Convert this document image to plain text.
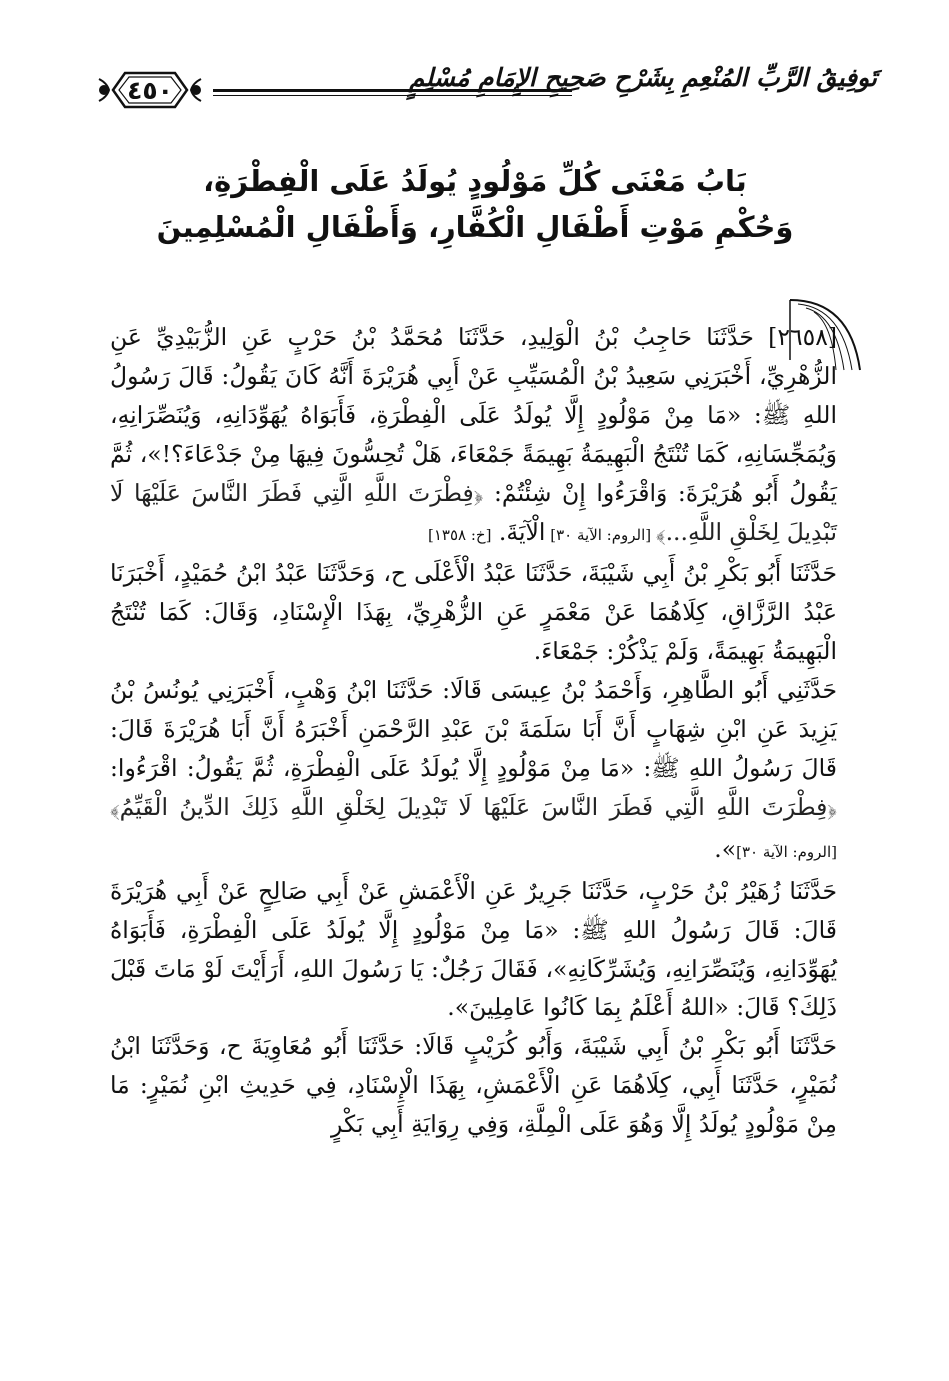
٤٥٠	تَوفِيقُ الرَّبِّ المُنْعِمِ بِشَرْحِ صَحِيحِ الإِمَامِ مُسْلِمٍ
بَابُ مَعْنَى كُلِّ مَوْلُودٍ يُولَدُ عَلَى الْفِطْرَةِ،
وَحُكْمِ مَوْتِ أَطْفَالِ الْكُفَّارِ، وَأَطْفَالِ الْمُسْلِمِينَ

[٢٦٥٨] حَدَّثَنَا حَاجِبُ بْنُ الْوَلِيدِ، حَدَّثَنَا مُحَمَّدُ بْنُ حَرْبٍ عَنِ الزُّبَيْدِيِّ عَنِ الزُّهْرِيِّ، أَخْبَرَنِي سَعِيدُ بْنُ الْمُسَيِّبِ عَنْ أَبِي هُرَيْرَةَ أَنَّهُ كَانَ يَقُولُ: قَالَ رَسُولُ اللهِ ﷺ: «مَا مِنْ مَوْلُودٍ إِلَّا يُولَدُ عَلَى الْفِطْرَةِ، فَأَبَوَاهُ يُهَوِّدَانِهِ، وَيُنَصِّرَانِهِ، وَيُمَجِّسَانِهِ، كَمَا تُنْتَجُ الْبَهِيمَةُ بَهِيمَةً جَمْعَاءَ، هَلْ تُحِسُّونَ فِيهَا مِنْ جَدْعَاءَ؟!»، ثُمَّ يَقُولُ أَبُو هُرَيْرَةَ: وَاقْرَءُوا إِنْ شِئْتُمْ: ﴿فِطْرَتَ اللَّهِ الَّتِي فَطَرَ النَّاسَ عَلَيْهَا لَا تَبْدِيلَ لِخَلْقِ اللَّهِ...﴾ [الروم: الآية ٣٠] الْآيَةَ. [خ: ١٣٥٨]

حَدَّثَنَا أَبُو بَكْرِ بْنُ أَبِي شَيْبَةَ، حَدَّثَنَا عَبْدُ الْأَعْلَى ح، وَحَدَّثَنَا عَبْدُ ابْنُ حُمَيْدٍ، أَخْبَرَنَا عَبْدُ الرَّزَّاقِ، كِلَاهُمَا عَنْ مَعْمَرٍ عَنِ الزُّهْرِيِّ، بِهَذَا الْإِسْنَادِ، وَقَالَ: كَمَا تُنْتَجُ الْبَهِيمَةُ بَهِيمَةً، وَلَمْ يَذْكُرْ: جَمْعَاءَ.

حَدَّثَنِي أَبُو الطَّاهِرِ، وَأَحْمَدُ بْنُ عِيسَى قَالَا: حَدَّثَنَا ابْنُ وَهْبٍ، أَخْبَرَنِي يُونُسُ بْنُ يَزِيدَ عَنِ ابْنِ شِهَابٍ أَنَّ أَبَا سَلَمَةَ بْنَ عَبْدِ الرَّحْمَنِ أَخْبَرَهُ أَنَّ أَبَا هُرَيْرَةَ قَالَ: قَالَ رَسُولُ اللهِ ﷺ: «مَا مِنْ مَوْلُودٍ إِلَّا يُولَدُ عَلَى الْفِطْرَةِ، ثُمَّ يَقُولُ: اقْرَءُوا: ﴿فِطْرَتَ اللَّهِ الَّتِي فَطَرَ النَّاسَ عَلَيْهَا لَا تَبْدِيلَ لِخَلْقِ اللَّهِ ذَلِكَ الدِّينُ الْقَيِّمُ﴾ [الروم: الآية ٣٠]».

حَدَّثَنَا زُهَيْرُ بْنُ حَرْبٍ، حَدَّثَنَا جَرِيرٌ عَنِ الْأَعْمَشِ عَنْ أَبِي صَالِحٍ عَنْ أَبِي هُرَيْرَةَ قَالَ: قَالَ رَسُولُ اللهِ ﷺ: «مَا مِنْ مَوْلُودٍ إِلَّا يُولَدُ عَلَى الْفِطْرَةِ، فَأَبَوَاهُ يُهَوِّدَانِهِ، وَيُنَصِّرَانِهِ، وَيُشَرِّكَانِهِ»، فَقَالَ رَجُلٌ: يَا رَسُولَ اللهِ، أَرَأَيْتَ لَوْ مَاتَ قَبْلَ ذَلِكَ؟ قَالَ: «اللهُ أَعْلَمُ بِمَا كَانُوا عَامِلِينَ».

حَدَّثَنَا أَبُو بَكْرِ بْنُ أَبِي شَيْبَةَ، وَأَبُو كُرَيْبٍ قَالَا: حَدَّثَنَا أَبُو مُعَاوِيَةَ ح، وَحَدَّثَنَا ابْنُ نُمَيْرٍ، حَدَّثَنَا أَبِي، كِلَاهُمَا عَنِ الْأَعْمَشِ، بِهَذَا الْإِسْنَادِ، فِي حَدِيثِ ابْنِ نُمَيْرٍ: مَا مِنْ مَوْلُودٍ يُولَدُ إِلَّا وَهُوَ عَلَى الْمِلَّةِ، وَفِي رِوَايَةِ أَبِي بَكْرٍ
